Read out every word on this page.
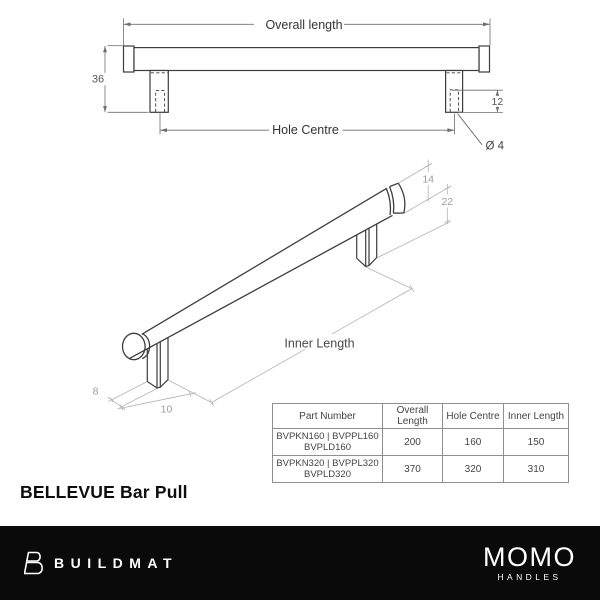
Overall length
36
Hole Centre
12
Ø 4
14
22
8
10
Inner Length
Part Number	Overall Length	Hole Centre	Inner Length

BVPKN160 | BVPPL160
BVPLD160	200	160	150

BVPKN320 | BVPPL320
BVPLD320	370	320	310
BELLEVUE Bar Pull
BUILDMAT	MOMO
HANDLES
